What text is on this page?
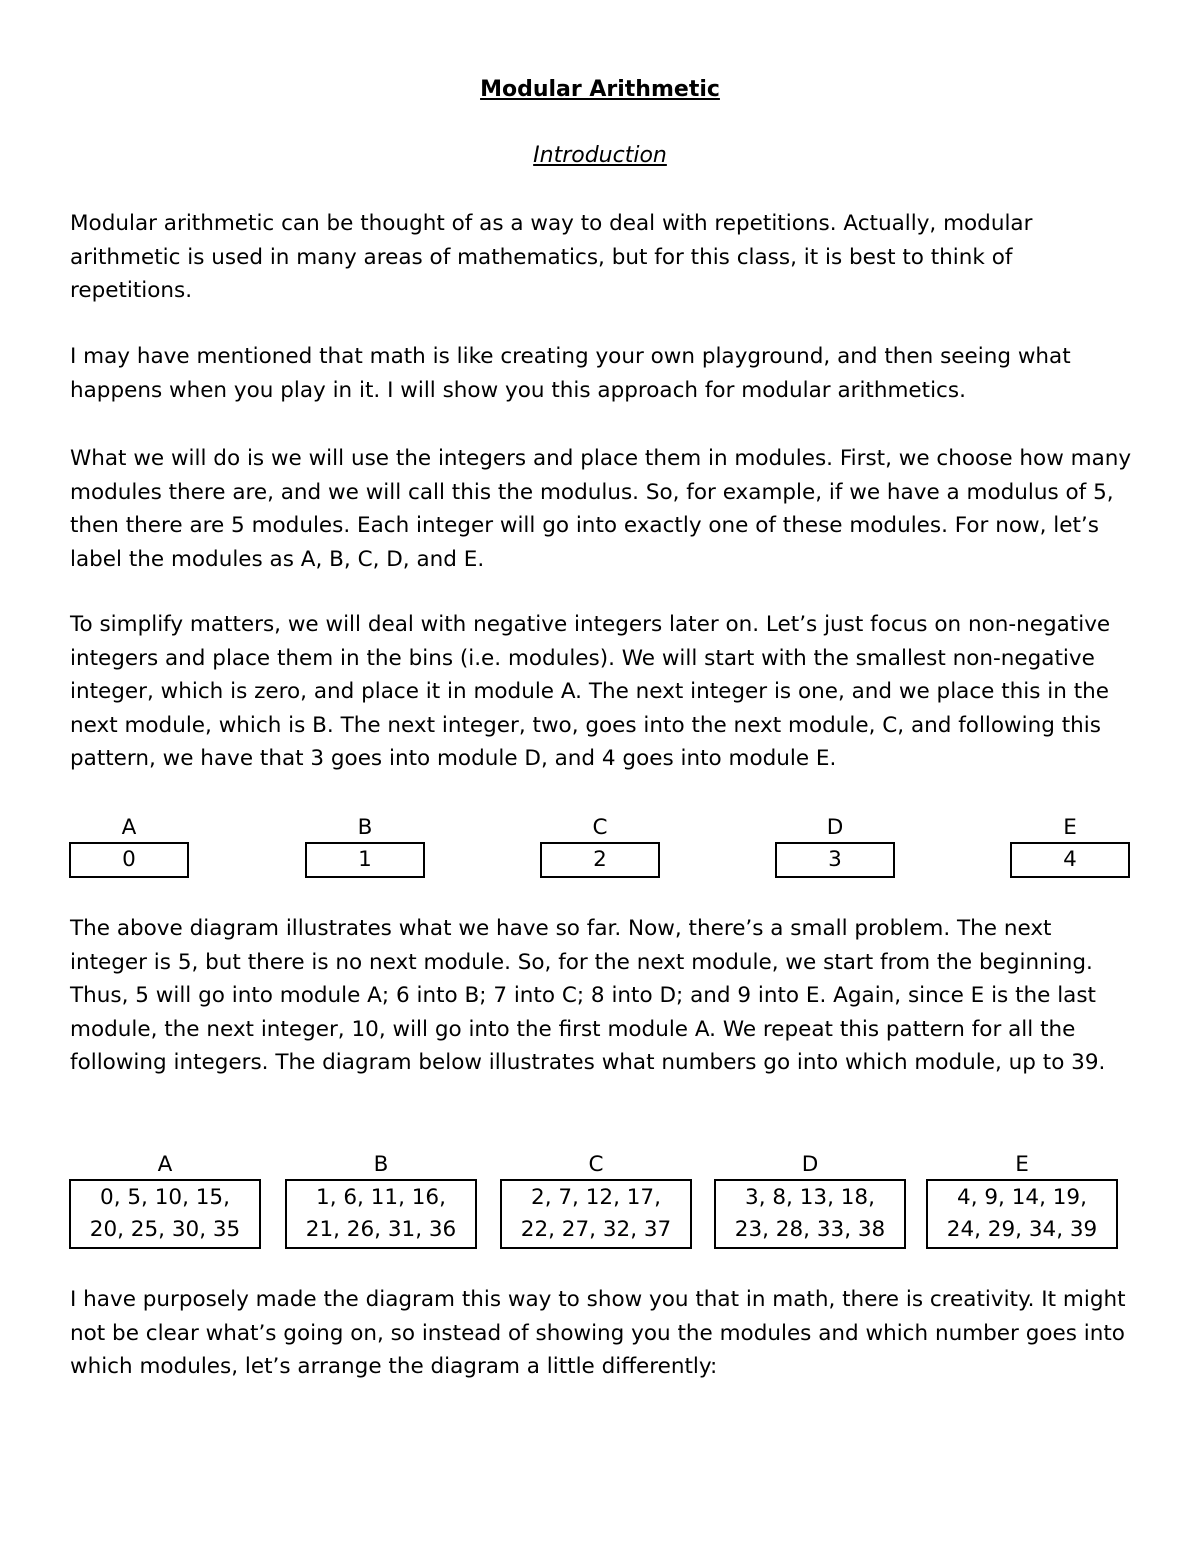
Modular Arithmetic
Introduction

Modular arithmetic can be thought of as a way to deal with repetitions. Actually, modular arithmetic is used in many areas of mathematics, but for this class, it is best to think of repetitions.

I may have mentioned that math is like creating your own playground, and then seeing what happens when you play in it. I will show you this approach for modular arithmetics.

What we will do is we will use the integers and place them in modules. First, we choose how many modules there are, and we will call this the modulus. So, for example, if we have a modulus of 5, then there are 5 modules. Each integer will go into exactly one of these modules. For now, let’s label the modules as A, B, C, D, and E.

To simplify matters, we will deal with negative integers later on. Let’s just focus on non-negative integers and place them in the bins (i.e. modules). We will start with the smallest non-negative integer, which is zero, and place it in module A. The next integer is one, and we place this in the next module, which is B. The next integer, two, goes into the next module, C, and following this pattern, we have that 3 goes into module D, and 4 goes into module E.

A
0
B
1
C
2
D
3
E
4

The above diagram illustrates what we have so far. Now, there’s a small problem. The next integer is 5, but there is no next module. So, for the next module, we start from the beginning. Thus, 5 will go into module A; 6 into B; 7 into C; 8 into D; and 9 into E. Again, since E is the last module, the next integer, 10, will go into the first module A. We repeat this pattern for all the following integers. The diagram below illustrates what numbers go into which module, up to 39.

A
0, 5, 10, 15,
20, 25, 30, 35
B
1, 6, 11, 16,
21, 26, 31, 36
C
2, 7, 12, 17,
22, 27, 32, 37
D
3, 8, 13, 18,
23, 28, 33, 38
E
4, 9, 14, 19,
24, 29, 34, 39

I have purposely made the diagram this way to show you that in math, there is creativity. It might not be clear what’s going on, so instead of showing you the modules and which number goes into which modules, let’s arrange the diagram a little differently:
